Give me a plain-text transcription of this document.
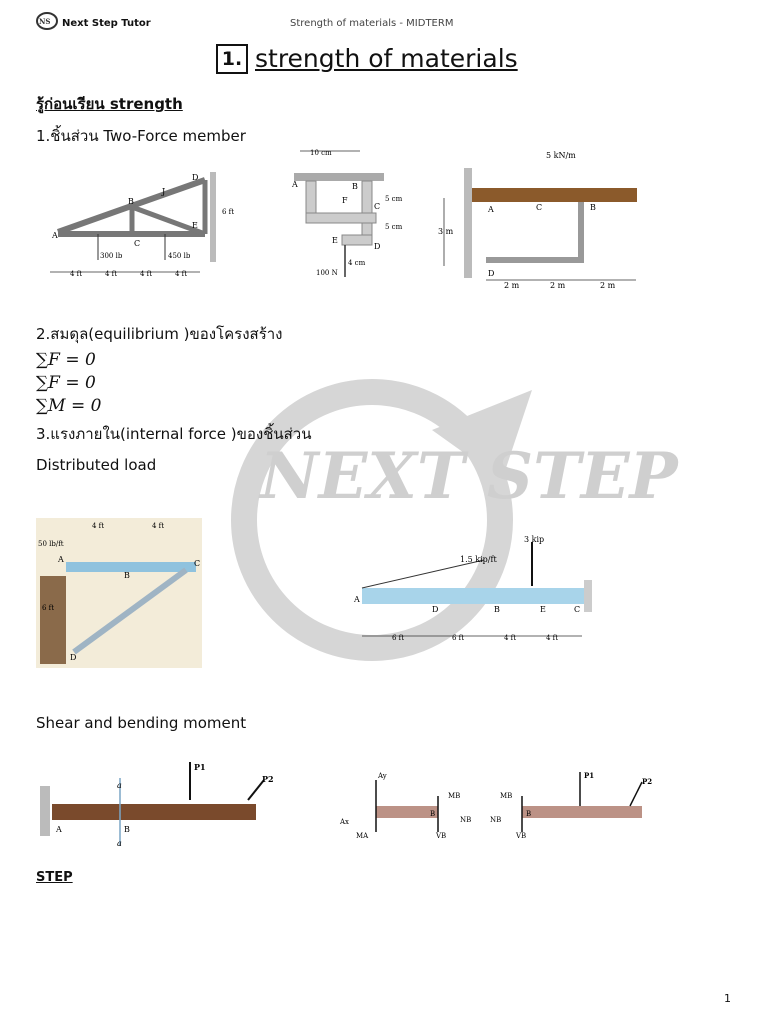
NEXT STEP
NS Next Step Tutor	Strength of materials - MIDTERM
1. strength of materials
รู้ก่อนเรียน strength
1.ชิ้นส่วน Two-Force member
A
B
C
D
E
J
6 ft
300 lb	450 lb
4 ft	4 ft	4 ft	4 ft
10 cm
A	B
C
D
E
F	5 cm
5 cm
4 cm
100 N
5 kN/m
A	B
C
D
3 m
2 m	2 m	2 m
2.สมดุล(equilibrium )ของโครงสร้าง
∑F = 0
∑F = 0
∑M = 0
3.แรงภายใน(internal force )ของชิ้นส่วน
Distributed load
4 ft	4 ft
50 lb/ft
A
B
C
D
6 ft
3 kip
1.5 kip/ft
A
B	C
D	E
6 ft	6 ft	4 ft	4 ft
Shear and bending moment
P1
P2
a
a
A	B
Ay
Ax
MA
MB
VB
NB
MB
NB
VB
P1
P2
B	B
STEP
1
